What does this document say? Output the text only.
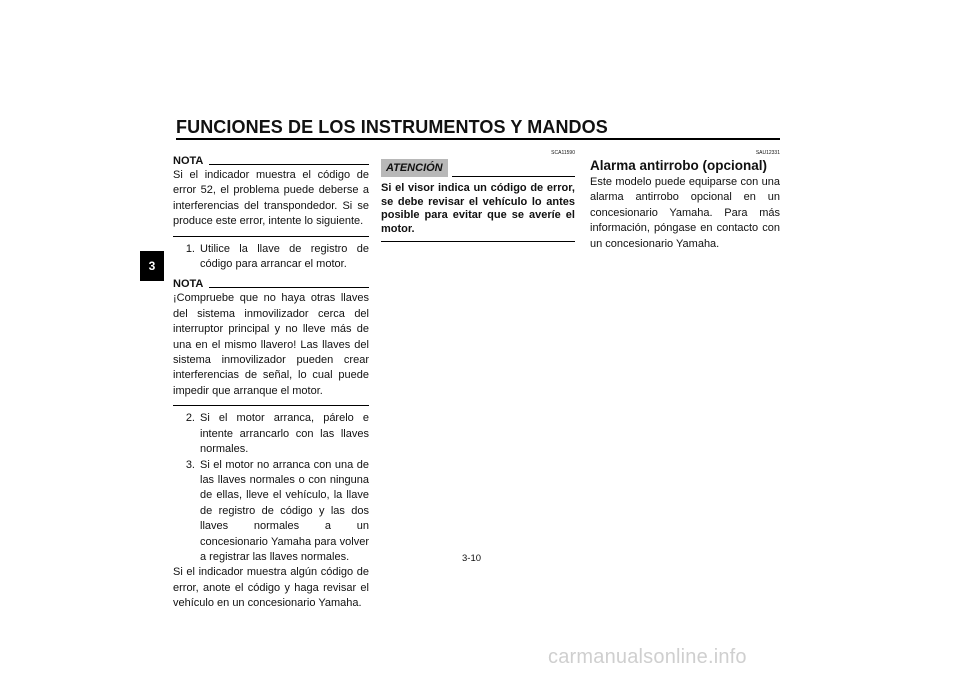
FUNCIONES DE LOS INSTRUMENTOS Y MANDOS
3
NOTA
Si el indicador muestra el código de error 52, el problema puede deberse a interferencias del transpondedor. Si se produce este error, intente lo siguiente.
1. Utilice la llave de registro de código para arrancar el motor.
NOTA
¡Compruebe que no haya otras llaves del sistema inmovilizador cerca del interruptor principal y no lleve más de una en el mismo llavero! Las llaves del sistema inmovilizador pueden crear interferencias de señal, lo cual puede impedir que arranque el motor.
2. Si el motor arranca, párelo e intente arrancarlo con las llaves normales.
3. Si el motor no arranca con una de las llaves normales o con ninguna de ellas, lleve el vehículo, la llave de registro de código y las dos llaves normales a un concesionario Yamaha para volver a registrar las llaves normales.
Si el indicador muestra algún código de error, anote el código y haga revisar el vehículo en un concesionario Yamaha.
SCA11590
ATENCIÓN
Si el visor indica un código de error, se debe revisar el vehículo lo antes posible para evitar que se averíe el motor.
SAU12331
Alarma antirrobo (opcional)
Este modelo puede equiparse con una alarma antirrobo opcional en un concesionario Yamaha. Para más información, póngase en contacto con un concesionario Yamaha.
3-10
carmanualsonline.info
